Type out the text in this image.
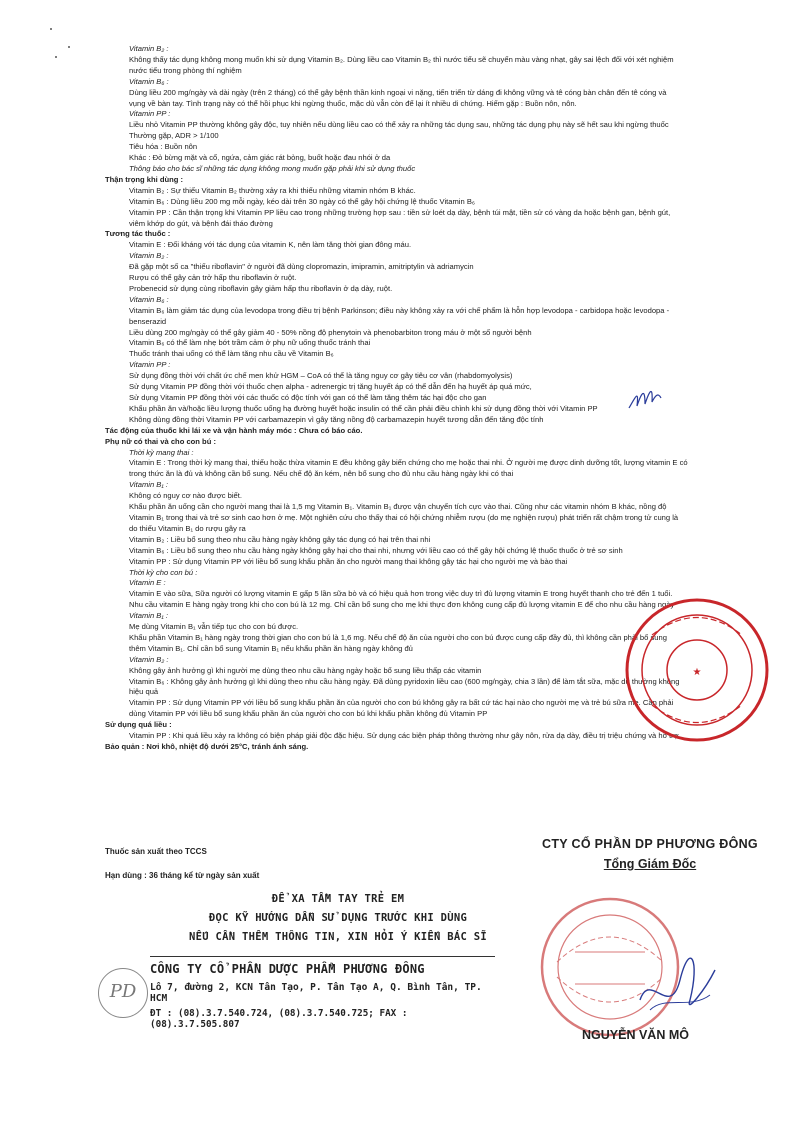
Vitamin B₂ :

Không thấy tác dụng không mong muốn khi sử dụng Vitamin B₂. Dùng liều cao Vitamin B₂ thì nước tiểu sẽ chuyển màu vàng nhạt, gây sai lệch đối với xét nghiệm

nước tiểu trong phòng thí nghiệm

Vitamin B₆ :

Dùng liều 200 mg/ngày và dài ngày (trên 2 tháng) có thể gây bệnh thần kinh ngoại vi nặng, tiến triển từ dáng đi không vững và tê cóng bàn chân đến tê cóng và

vụng về bàn tay. Tình trạng này có thể hồi phục khi ngừng thuốc, mặc dù vẫn còn để lại ít nhiều di chứng. Hiếm gặp : Buồn nôn, nôn.

Vitamin PP :

Liều nhỏ Vitamin PP thường không gây độc, tuy nhiên nếu dùng liều cao có thể xảy ra những tác dụng sau, những tác dụng phụ này sẽ hết sau khi ngừng thuốc

Thường gặp, ADR > 1/100

Tiêu hóa : Buồn nôn

Khác : Đỏ bừng mặt và cổ, ngứa, cảm giác rát bỏng, buốt hoặc đau nhói ở da

Thông báo cho bác sĩ những tác dụng không mong muốn gặp phải khi sử dụng thuốc

Thận trọng khi dùng :

Vitamin B₂ : Sự thiếu Vitamin B₂ thường xảy ra khi thiếu những vitamin nhóm B khác.

Vitamin B₆ : Dùng liều 200 mg mỗi ngày, kéo dài trên 30 ngày có thể gây hội chứng lệ thuốc Vitamin B₆

Vitamin PP : Cần thận trọng khi Vitamin PP liều cao trong những trường hợp sau : tiền sử loét dạ dày, bệnh túi mật, tiền sử có vàng da hoặc bệnh gan, bệnh gút,

viêm khớp do gút, và bệnh đái tháo đường

Tương tác thuốc :

Vitamin E : Đối kháng với tác dụng của vitamin K, nên làm tăng thời gian đông máu.

Vitamin B₂ :

Đã gặp một số ca "thiếu riboflavin" ở người đã dùng clopromazin, imipramin, amitriptylin và adriamycin

Rượu có thể gây cản trở hấp thu riboflavin ở ruột.

Probenecid sử dụng cùng riboflavin gây giảm hấp thu riboflavin ở dạ dày, ruột.

Vitamin B₆ :

Vitamin B₆ làm giảm tác dụng của levodopa trong điều trị bệnh Parkinson; điều này không xảy ra với chế phẩm là hỗn hợp levodopa - carbidopa hoặc levodopa -

benserazid

Liều dùng 200 mg/ngày có thể gây giảm 40 - 50% nồng độ phenytoin và phenobarbiton trong máu ở một số người bệnh

Vitamin B₆ có thể làm nhẹ bớt trầm cảm ở phụ nữ uống thuốc tránh thai

Thuốc tránh thai uống có thể làm tăng nhu cầu về Vitamin B₆

Vitamin PP :

Sử dụng đồng thời với chất ức chế men khử HGM – CoA có thể là tăng nguy cơ gây tiêu cơ vân (rhabdomyolysis)

Sử dụng Vitamin PP đồng thời với thuốc chẹn alpha - adrenergic trị tăng huyết áp có thể dẫn đến hạ huyết áp quá mức,

Sử dụng Vitamin PP đồng thời với các thuốc có độc tính với gan có thể làm tăng thêm tác hại độc cho gan

Khẩu phần ăn và/hoặc liều lượng thuốc uống hạ đường huyết hoặc insulin có thể cần phải điều chỉnh khi sử dụng đồng thời với Vitamin PP

Không dùng đồng thời Vitamin PP với carbamazepin vì gây tăng nồng độ carbamazepin huyết tương dẫn đến tăng độc tính

Tác động của thuốc khi lái xe và vận hành máy móc : Chưa có báo cáo.

Phụ nữ có thai và cho con bú :

Thời kỳ mang thai :

Vitamin E : Trong thời kỳ mang thai, thiếu hoặc thừa vitamin E đều không gây biến chứng cho mẹ hoặc thai nhi. Ở người mẹ được dinh dưỡng tốt, lượng vitamin E có

trong thức ăn là đủ và không cần bổ sung. Nếu chế độ ăn kém, nên bổ sung cho đủ nhu cầu hàng ngày khi có thai

Vitamin B₁ :

Không có nguy cơ nào được biết.

Khẩu phần ăn uống cần cho người mang thai là 1,5 mg Vitamin B₁. Vitamin B₁ được vận chuyển tích cực vào thai. Cũng như các vitamin nhóm B khác, nồng độ

Vitamin B₁ trong thai và trẻ sơ sinh cao hơn ở mẹ. Một nghiên cứu cho thấy thai có hội chứng nhiễm rượu (do mẹ nghiện rượu) phát triển rất chậm trong tử cung là

do thiếu Vitamin B₁ do rượu gây ra

Vitamin B₂ : Liều bổ sung theo nhu cầu hàng ngày không gây tác dụng có hại trên thai nhi

Vitamin B₆ : Liều bổ sung theo nhu cầu hàng ngày không gây hại cho thai nhi, nhưng với liều cao có thể gây hội chứng lệ thuốc thuốc ở trẻ sơ sinh

Vitamin PP : Sử dụng Vitamin PP với liều bổ sung khẩu phần ăn cho người mang thai không gây tác hại cho người mẹ và bào thai

Thời kỳ cho con bú :

Vitamin E :

Vitamin E vào sữa, Sữa người có lượng vitamin E gấp 5 lần sữa bò và có hiệu quả hơn trong việc duy trì đủ lượng vitamin E trong huyết thanh cho trẻ đến 1 tuổi.

Nhu cầu vitamin E hàng ngày trong khi cho con bú là 12 mg. Chỉ cần bổ sung cho mẹ khi thực đơn không cung cấp đủ lượng vitamin E để cho nhu cầu hàng ngày

Vitamin B₁ :

Mẹ dùng Vitamin B₁ vẫn tiếp tục cho con bú được.

Khẩu phần Vitamin B₁ hàng ngày trong thời gian cho con bú là 1,6 mg. Nếu chế độ ăn của người cho con bú được cung cấp đầy đủ, thì không cần phải bổ sung

thêm Vitamin B₁. Chỉ cần bổ sung Vitamin B₁ nếu khẩu phần ăn hàng ngày không đủ

Vitamin B₂ :

Không gây ảnh hưởng gì khi người mẹ dùng theo nhu cầu hàng ngày hoặc bổ sung liều thấp các vitamin

Vitamin B₆ : Không gây ảnh hưởng gì khi dùng theo nhu cầu hàng ngày. Đã dùng pyridoxin liều cao (600 mg/ngày, chia 3 lần) để làm tắt sữa, mặc dù thường không

hiệu quả

Vitamin PP : Sử dụng Vitamin PP với liều bổ sung khẩu phần ăn của người cho con bú không gây ra bất cứ tác hại nào cho người mẹ và trẻ bú sữa mẹ. Cần phải

dùng Vitamin PP với liều bổ sung khẩu phần ăn của người cho con bú khi khẩu phần không đủ Vitamin PP

Sử dụng quá liều :

Vitamin PP : Khi quá liều xảy ra không có biện pháp giải độc đặc hiệu. Sử dụng các biện pháp thông thường như gây nôn, rửa dạ dày, điều trị triệu chứng và hỗ trợ.

Bảo quản : Nơi khô, nhiệt độ dưới 25°C, tránh ánh sáng.

★

Thuốc sản xuất theo TCCS

Hạn dùng : 36 tháng kể từ ngày sản xuất

CTY CỔ PHẦN DP PHƯƠNG ĐÔNG
Tổng Giám Đốc

ĐỂ XA TẦM TAY TRẺ EM

ĐỌC KỸ HƯỚNG DẪN SỬ DỤNG TRƯỚC KHI DÙNG

NẾU CẦN THÊM THÔNG TIN, XIN HỎI Ý KIẾN BÁC SĨ

PD
CÔNG TY CỔ PHẦN DƯỢC PHẨM PHƯƠNG ĐÔNG
Lô 7, đường 2, KCN Tân Tạo, P. Tân Tạo A, Q. Bình Tân, TP. HCM
ĐT : (08).3.7.540.724, (08).3.7.540.725; FAX : (08).3.7.505.807
NGUYỄN VĂN MÔ
